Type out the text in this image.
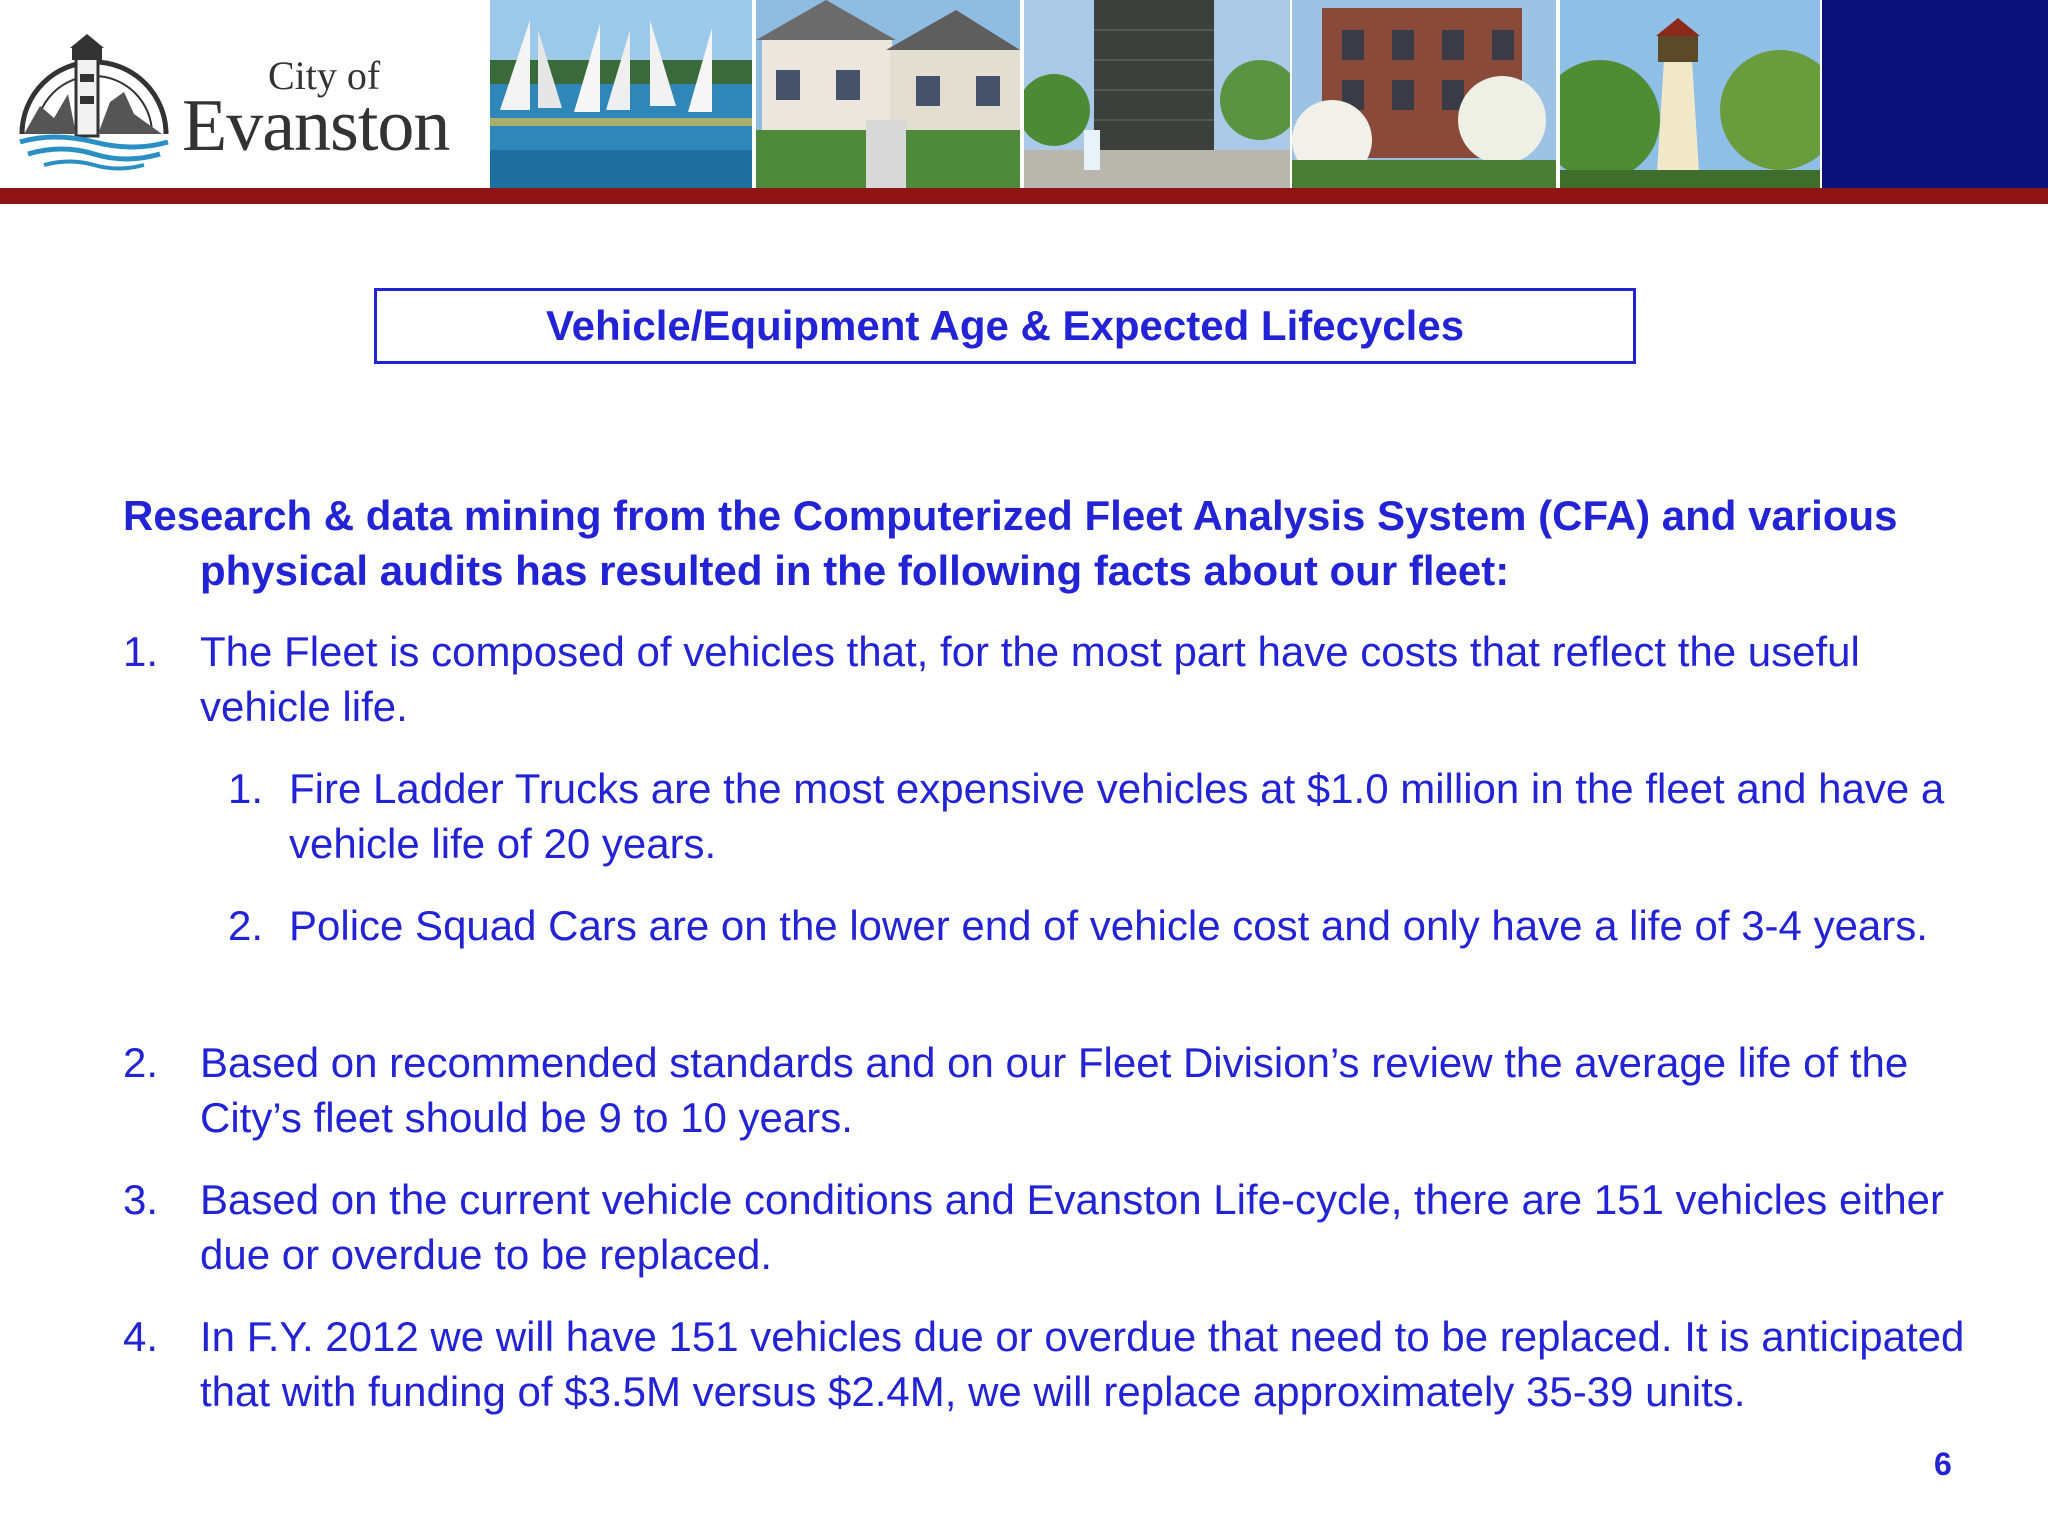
City of
Evanston
Vehicle/Equipment Age & Expected Lifecycles
Research & data mining from the Computerized Fleet Analysis System (CFA) and various physical audits has resulted in the following facts about our fleet:
1. The Fleet is composed of vehicles that, for the most part have costs that reflect the useful vehicle life.
1. Fire Ladder Trucks are the most expensive vehicles at $1.0 million in the fleet and have a vehicle life of 20 years.
2. Police Squad Cars are on the lower end of vehicle cost and only have a life of 3-4 years.
2. Based on recommended standards and on our Fleet Division’s review the average life of the City’s fleet should be 9 to 10 years.
3. Based on the current vehicle conditions and Evanston Life-cycle, there are 151 vehicles either due or overdue to be replaced.
4. In F.Y. 2012 we will have 151 vehicles due or overdue that need to be replaced. It is anticipated that with funding of $3.5M versus $2.4M, we will replace approximately 35-39 units.
6
